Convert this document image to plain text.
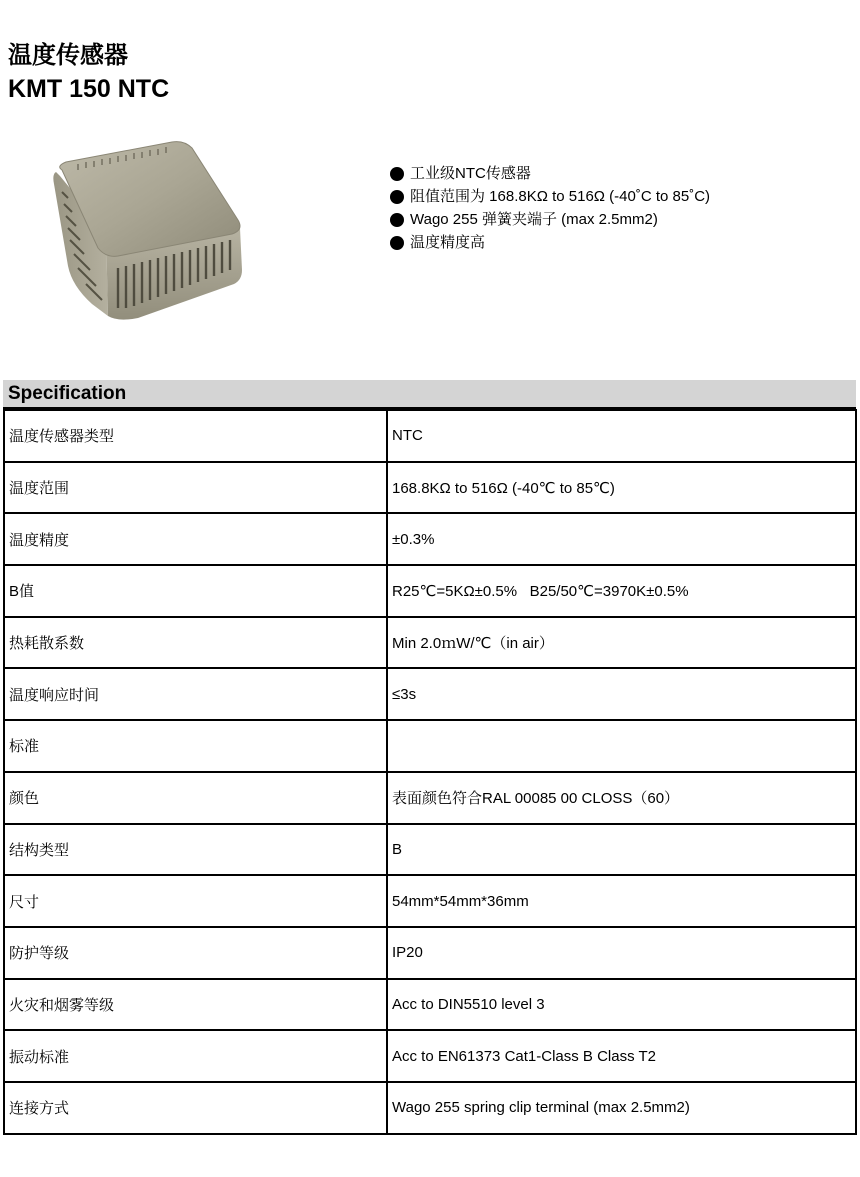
温度传感器

KMT 150 NTC

工业级NTC传感器
阻值范围为 168.8KΩ to 516Ω (-40˚C to 85˚C)
Wago 255 弹簧夹端子 (max 2.5mm2)
温度精度高
Specification
温度传感器类型	NTC
温度范围	168.8KΩ to 516Ω (-40℃ to 85℃)
温度精度	±0.3%
B值	R25℃=5KΩ±0.5%   B25/50℃=3970K±0.5%
热耗散系数	Min 2.0ｍW/℃（in air）
温度响应时间	≤3s
标准	
颜色	表面颜色符合RAL 00085 00 CLOSS（60）
结构类型	B
尺寸	54mm*54mm*36mm
防护等级	IP20
火灾和烟雾等级	Acc to DIN5510 level 3
振动标准	Acc to EN61373 Cat1-Class B Class T2
连接方式	Wago 255 spring clip terminal (max 2.5mm2)
